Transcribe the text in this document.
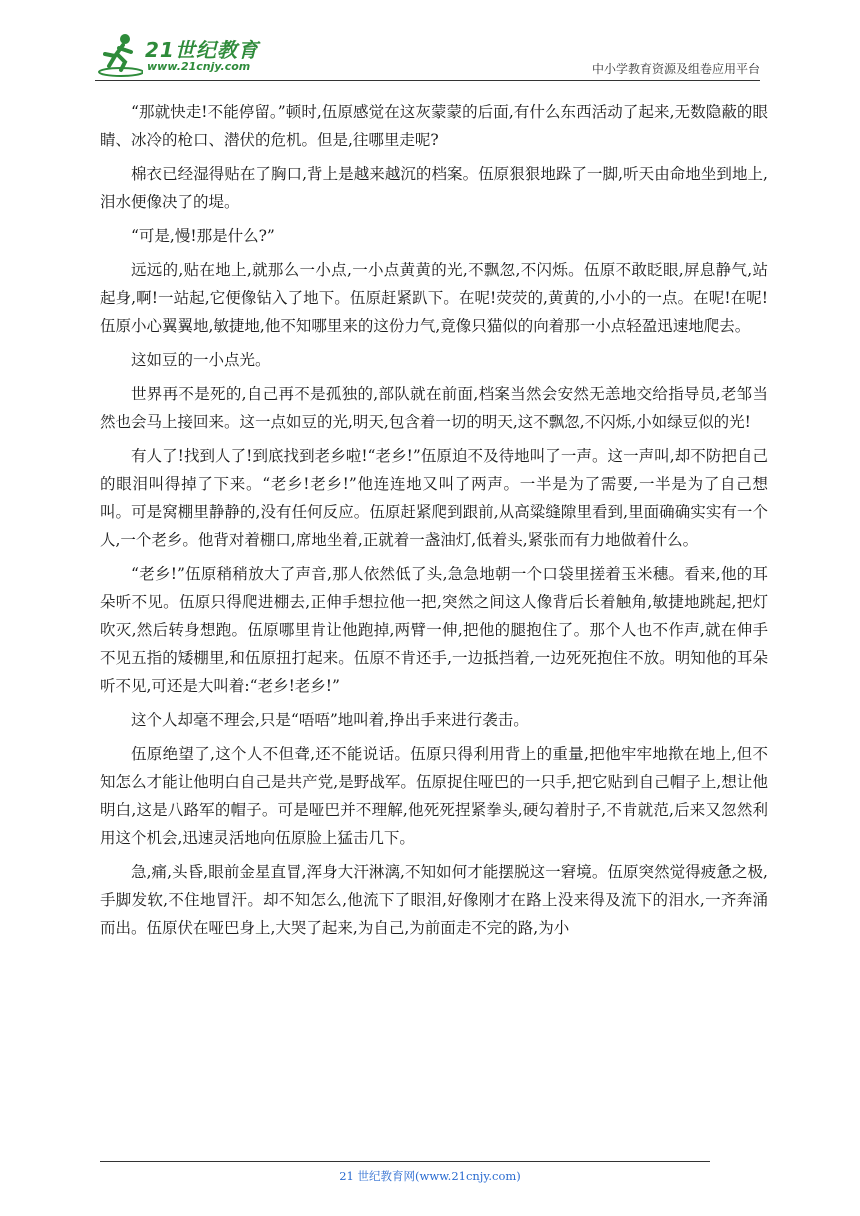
21世纪教育
www.21cnjy.com	中小学教育资源及组卷应用平台

“那就快走!不能停留。”顿时,伍原感觉在这灰蒙蒙的后面,有什么东西活动了起来,无数隐蔽的眼睛、冰冷的枪口、潜伏的危机。但是,往哪里走呢?

棉衣已经湿得贴在了胸口,背上是越来越沉的档案。伍原狠狠地跺了一脚,听天由命地坐到地上,泪水便像决了的堤。

“可是,慢!那是什么?”

远远的,贴在地上,就那么一小点,一小点黄黄的光,不飘忽,不闪烁。伍原不敢眨眼,屏息静气,站起身,啊!一站起,它便像钻入了地下。伍原赶紧趴下。在呢!荧荧的,黄黄的,小小的一点。在呢!在呢!伍原小心翼翼地,敏捷地,他不知哪里来的这份力气,竟像只猫似的向着那一小点轻盈迅速地爬去。

这如豆的一小点光。

世界再不是死的,自己再不是孤独的,部队就在前面,档案当然会安然无恙地交给指导员,老邹当然也会马上接回来。这一点如豆的光,明天,包含着一切的明天,这不飘忽,不闪烁,小如绿豆似的光!

有人了!找到人了!到底找到老乡啦!“老乡!”伍原迫不及待地叫了一声。这一声叫,却不防把自己的眼泪叫得掉了下来。“老乡!老乡!”他连连地又叫了两声。一半是为了需要,一半是为了自己想叫。可是窝棚里静静的,没有任何反应。伍原赶紧爬到跟前,从高粱缝隙里看到,里面确确实实有一个人,一个老乡。他背对着棚口,席地坐着,正就着一盏油灯,低着头,紧张而有力地做着什么。

“老乡!”伍原稍稍放大了声音,那人依然低了头,急急地朝一个口袋里搓着玉米穗。看来,他的耳朵听不见。伍原只得爬进棚去,正伸手想拉他一把,突然之间这人像背后长着触角,敏捷地跳起,把灯吹灭,然后转身想跑。伍原哪里肯让他跑掉,两臂一伸,把他的腿抱住了。那个人也不作声,就在伸手不见五指的矮棚里,和伍原扭打起来。伍原不肯还手,一边抵挡着,一边死死抱住不放。明知他的耳朵听不见,可还是大叫着:“老乡!老乡!”

这个人却毫不理会,只是“唔唔”地叫着,挣出手来进行袭击。

伍原绝望了,这个人不但聋,还不能说话。伍原只得利用背上的重量,把他牢牢地揿在地上,但不知怎么才能让他明白自己是共产党,是野战军。伍原捉住哑巴的一只手,把它贴到自己帽子上,想让他明白,这是八路军的帽子。可是哑巴并不理解,他死死捏紧拳头,硬勾着肘子,不肯就范,后来又忽然利用这个机会,迅速灵活地向伍原脸上猛击几下。

急,痛,头昏,眼前金星直冒,浑身大汗淋漓,不知如何才能摆脱这一窘境。伍原突然觉得疲惫之极,手脚发软,不住地冒汗。却不知怎么,他流下了眼泪,好像刚才在路上没来得及流下的泪水,一齐奔涌而出。伍原伏在哑巴身上,大哭了起来,为自己,为前面走不完的路,为小

21 世纪教育网(www.21cnjy.com)
